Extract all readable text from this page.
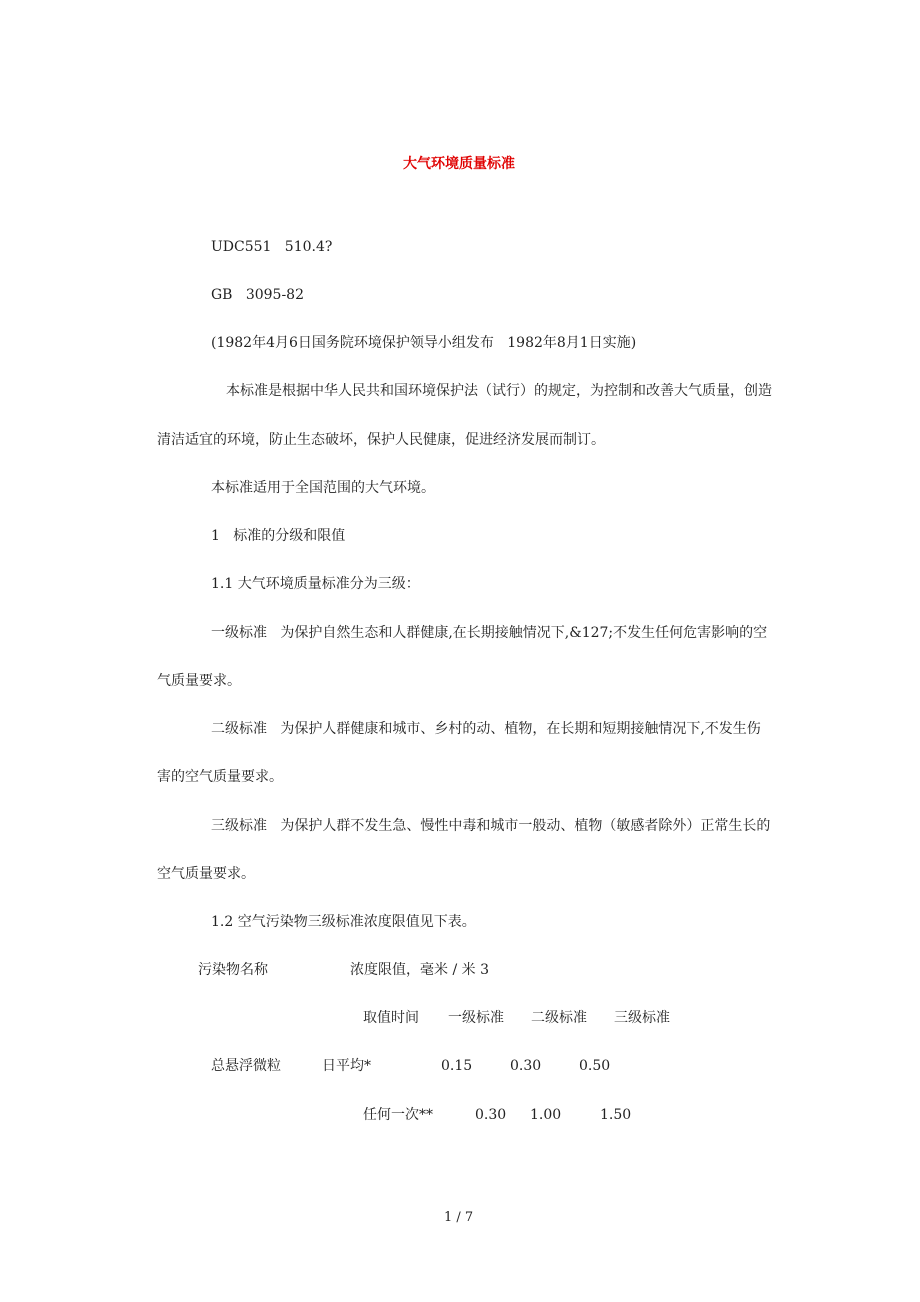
大气环境质量标准
UDC551   510.4?
GB   3095-82
(1982年4月6日国务院环境保护领导小组发布   1982年8月1日实施)
本标准是根据中华人民共和国环境保护法（试行）的规定，为控制和改善大气质量，创造
清洁适宜的环境，防止生态破坏，保护人民健康，促进经济发展而制订。
本标准适用于全国范围的大气环境。
1   标准的分级和限值
1.1 大气环境质量标准分为三级：
一级标准   为保护自然生态和人群健康,在长期接触情况下,&127;不发生任何危害影响的空
气质量要求。
二级标准   为保护人群健康和城市、乡村的动、植物，在长期和短期接触情况下,不发生伤
害的空气质量要求。
三级标准   为保护人群不发生急、慢性中毒和城市一般动、植物（敏感者除外）正常生长的
空气质量要求。
1.2 空气污染物三级标准浓度限值见下表。
污染物名称	浓度限值，毫米 / 米 3
取值时间 一级标准 二级标准 三级标准
总悬浮微粒	日平均*	0.15	0.30	0.50
任何一次**	0.30 1.00	1.50
1 / 7
